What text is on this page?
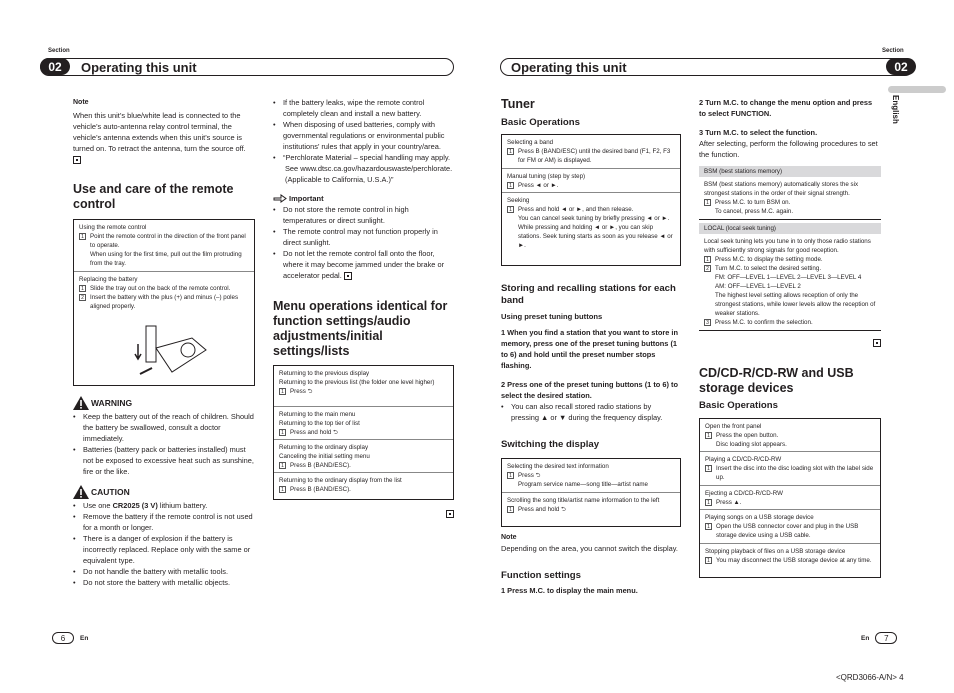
Section
Operating this unit
02
Section
Operating this unit	02
English
Note
When this unit’s blue/white lead is connected to the vehicle’s auto-antenna relay control terminal, the vehicle’s antenna extends when this unit’s source is turned on. To retract the antenna, turn the source off.
Use and care of the remote control
Using the remote control
1 Point the remote control in the direction of the front panel to operate.
When using for the first time, pull out the film protruding from the tray.
Replacing the battery
1 Slide the tray out on the back of the remote control.
2 Insert the battery with the plus (+) and minus (–) poles aligned properly.
WARNING
• Keep the battery out of the reach of children. Should the battery be swallowed, consult a doctor immediately.
• Batteries (battery pack or batteries installed) must not be exposed to excessive heat such as sunshine, fire or the like.
CAUTION
• Use one CR2025 (3 V) lithium battery.
• Remove the battery if the remote control is not used for a month or longer.
• There is a danger of explosion if the battery is incorrectly replaced. Replace only with the same or equivalent type.
• Do not handle the battery with metallic tools.
• Do not store the battery with metallic objects.
• If the battery leaks, wipe the remote control completely clean and install a new battery.
• When disposing of used batteries, comply with governmental regulations or environmental public institutions’ rules that apply in your country/area.
• “Perchlorate Material – special handling may apply.
See www.dtsc.ca.gov/hazardouswaste/perchlorate. (Applicable to California, U.S.A.)”
Important
• Do not store the remote control in high temperatures or direct sunlight.
• The remote control may not function properly in direct sunlight.
• Do not let the remote control fall onto the floor, where it may become jammed under the brake or accelerator pedal.
Menu operations identical for function settings/audio adjustments/initial settings/lists
Returning to the previous display
Returning to the previous list (the folder one level higher)
1 Press
⮌
Returning to the main menu
Returning to the top tier of list
1 Press and hold
⮌
Returning to the ordinary display
Canceling the initial setting menu
1 Press B (BAND/ESC).
Returning to the ordinary display from the list
1 Press B (BAND/ESC).
Tuner
Basic Operations
Selecting a band
1 Press B (BAND/ESC) until the desired band (F1, F2, F3 for FM or AM) is displayed.
Manual tuning (step by step)
1 Press ◄ or ►.
Seeking
1 Press and hold ◄ or ►, and then release.
You can cancel seek tuning by briefly pressing ◄ or ►.
While pressing and holding ◄ or ►, you can skip stations. Seek tuning starts as soon as you release ◄ or ►.
Storing and recalling stations for each band
Using preset tuning buttons
1 When you find a station that you want to store in memory, press one of the preset tuning buttons (1 to 6) and hold until the preset number stops flashing.
2 Press one of the preset tuning buttons (1 to 6) to select the desired station.
• You can also recall stored radio stations by pressing ▲ or ▼ during the frequency display.
Switching the display
Selecting the desired text information
1 Press
⮌
Program service name—song title—artist name
Scrolling the song title/artist name information to the left
1 Press and hold
⮌
Note
Depending on the area, you cannot switch the display.
Function settings
1 Press M.C. to display the main menu.
2 Turn M.C. to change the menu option and press to select FUNCTION.
3 Turn M.C. to select the function.
After selecting, perform the following procedures to set the function.
BSM (best stations memory)
BSM (best stations memory) automatically stores the six strongest stations in the order of their signal strength.
1 Press M.C. to turn BSM on.
To cancel, press M.C. again.
LOCAL (local seek tuning)
Local seek tuning lets you tune in to only those radio stations with sufficiently strong signals for good reception.
1 Press M.C. to display the setting mode.
2 Turn M.C. to select the desired setting.
FM: OFF—LEVEL 1—LEVEL 2—LEVEL 3—LEVEL 4
AM: OFF—LEVEL 1—LEVEL 2
The highest level setting allows reception of only the strongest stations, while lower levels allow the reception of weaker stations.
3 Press M.C. to confirm the selection.
CD/CD-R/CD-RW and USB storage devices
Basic Operations
Open the front panel
1 Press the open button.
Disc loading slot appears.
Playing a CD/CD-R/CD-RW
1 Insert the disc into the disc loading slot with the label side up.
Ejecting a CD/CD-R/CD-RW
1 Press ▲.
Playing songs on a USB storage device
1 Open the USB connector cover and plug in the USB storage device using a USB cable.
Stopping playback of files on a USB storage device
1 You may disconnect the USB storage device at any time.
6	En	En	7
<QRD3066-A/N> 4
